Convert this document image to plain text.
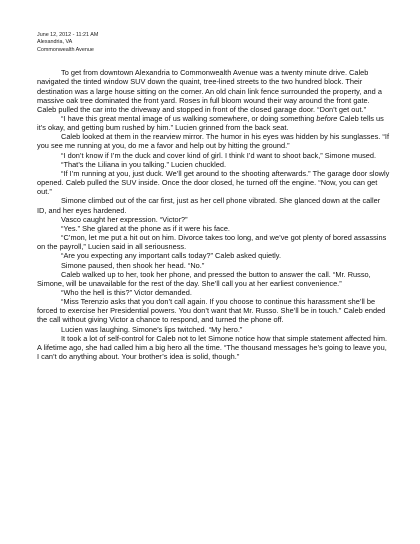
June 12, 2012 - 11:21 AM
Alexandria, VA
Commonwealth Avenue

To get from downtown Alexandria to Commonwealth Avenue was a twenty minute drive. Caleb navigated the tinted window SUV down the quaint, tree-lined streets to the two hundred block. Their destination was a large house sitting on the corner. An old chain link fence surrounded the property, and a massive oak tree dominated the front yard. Roses in full bloom wound their way around the front gate. Caleb pulled the car into the driveway and stopped in front of the closed garage door. “Don’t get out.”

“I have this great mental image of us walking somewhere, or doing something before Caleb tells us it’s okay, and getting bum rushed by him.” Lucien grinned from the back seat.

Caleb looked at them in the rearview mirror. The humor in his eyes was hidden by his sunglasses. “If you see me running at you, do me a favor and help out by hitting the ground.”

“I don’t know if I’m the duck and cover kind of girl. I think I’d want to shoot back,” Simone mused.

“That’s the Liliana in you talking.” Lucien chuckled.

“If I’m running at you, just duck. We’ll get around to the shooting afterwards.” The garage door slowly opened. Caleb pulled the SUV inside. Once the door closed, he turned off the engine. “Now, you can get out.”

Simone climbed out of the car first, just as her cell phone vibrated. She glanced down at the caller ID, and her eyes hardened.

Vasco caught her expression. “Victor?”

“Yes.” She glared at the phone as if it were his face.

“C’mon, let me put a hit out on him. Divorce takes too long, and we’ve got plenty of bored assassins on the payroll,” Lucien said in all seriousness.

“Are you expecting any important calls today?” Caleb asked quietly.

Simone paused, then shook her head. “No.”

Caleb walked up to her, took her phone, and pressed the button to answer the call. “Mr. Russo, Simone, will be unavailable for the rest of the day. She’ll call you at her earliest convenience.”

“Who the hell is this?” Victor demanded.

“Miss Terenzio asks that you don’t call again. If you choose to continue this harassment she’ll be forced to exercise her Presidential powers. You don’t want that Mr. Russo. She’ll be in touch.” Caleb ended the call without giving Victor a chance to respond, and turned the phone off.

Lucien was laughing. Simone’s lips twitched. “My hero.”

It took a lot of self-control for Caleb not to let Simone notice how that simple statement affected him. A lifetime ago, she had called him a big hero all the time. “The thousand messages he’s going to leave you, I can’t do anything about. Your brother’s idea is solid, though.”
